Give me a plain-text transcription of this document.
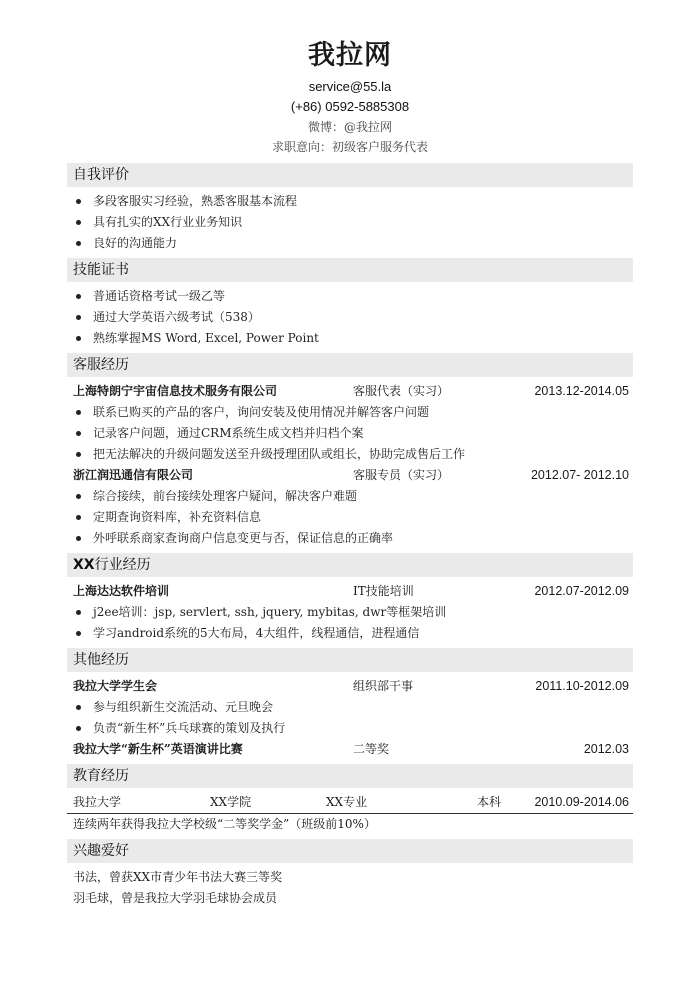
我拉网
service@55.la
(+86) 0592-5885308
微博：@我拉网
求职意向：初级客户服务代表
自我评价
多段客服实习经验，熟悉客服基本流程
具有扎实的XX行业业务知识
良好的沟通能力
技能证书
普通话资格考试一级乙等
通过大学英语六级考试（538）
熟练掌握MS Word, Excel, Power Point
客服经历
上海特朗宁宇宙信息技术服务有限公司	客服代表（实习）	2013.12-2014.05
联系已购买的产品的客户，询问安装及使用情况并解答客户问题
记录客户问题，通过CRM系统生成文档并归档个案
把无法解决的升级问题发送至升级授理团队或组长，协助完成售后工作
浙江润迅通信有限公司	客服专员（实习）	2012.07- 2012.10
综合接续，前台接续处理客户疑问，解决客户难题
定期查询资料库，补充资料信息
外呼联系商家查询商户信息变更与否，保证信息的正确率
XX行业经历
上海达达软件培训	IT技能培训	2012.07-2012.09
j2ee培训：jsp, servlert, ssh, jquery, mybitas, dwr等框架培训
学习android系统的5大布局，4大组件，线程通信，进程通信
其他经历
我拉大学学生会	组织部干事	2011.10-2012.09
参与组织新生交流活动、元旦晚会
负责“新生杯”兵乓球赛的策划及执行
我拉大学“新生杯”英语演讲比赛	二等奖	2012.03
教育经历
我拉大学	XX学院	XX专业	本科	2010.09-2014.06
连续两年获得我拉大学校级“二等奖学金”（班级前10%）
兴趣爱好
书法，曾获XX市青少年书法大赛三等奖
羽毛球，曾是我拉大学羽毛球协会成员
